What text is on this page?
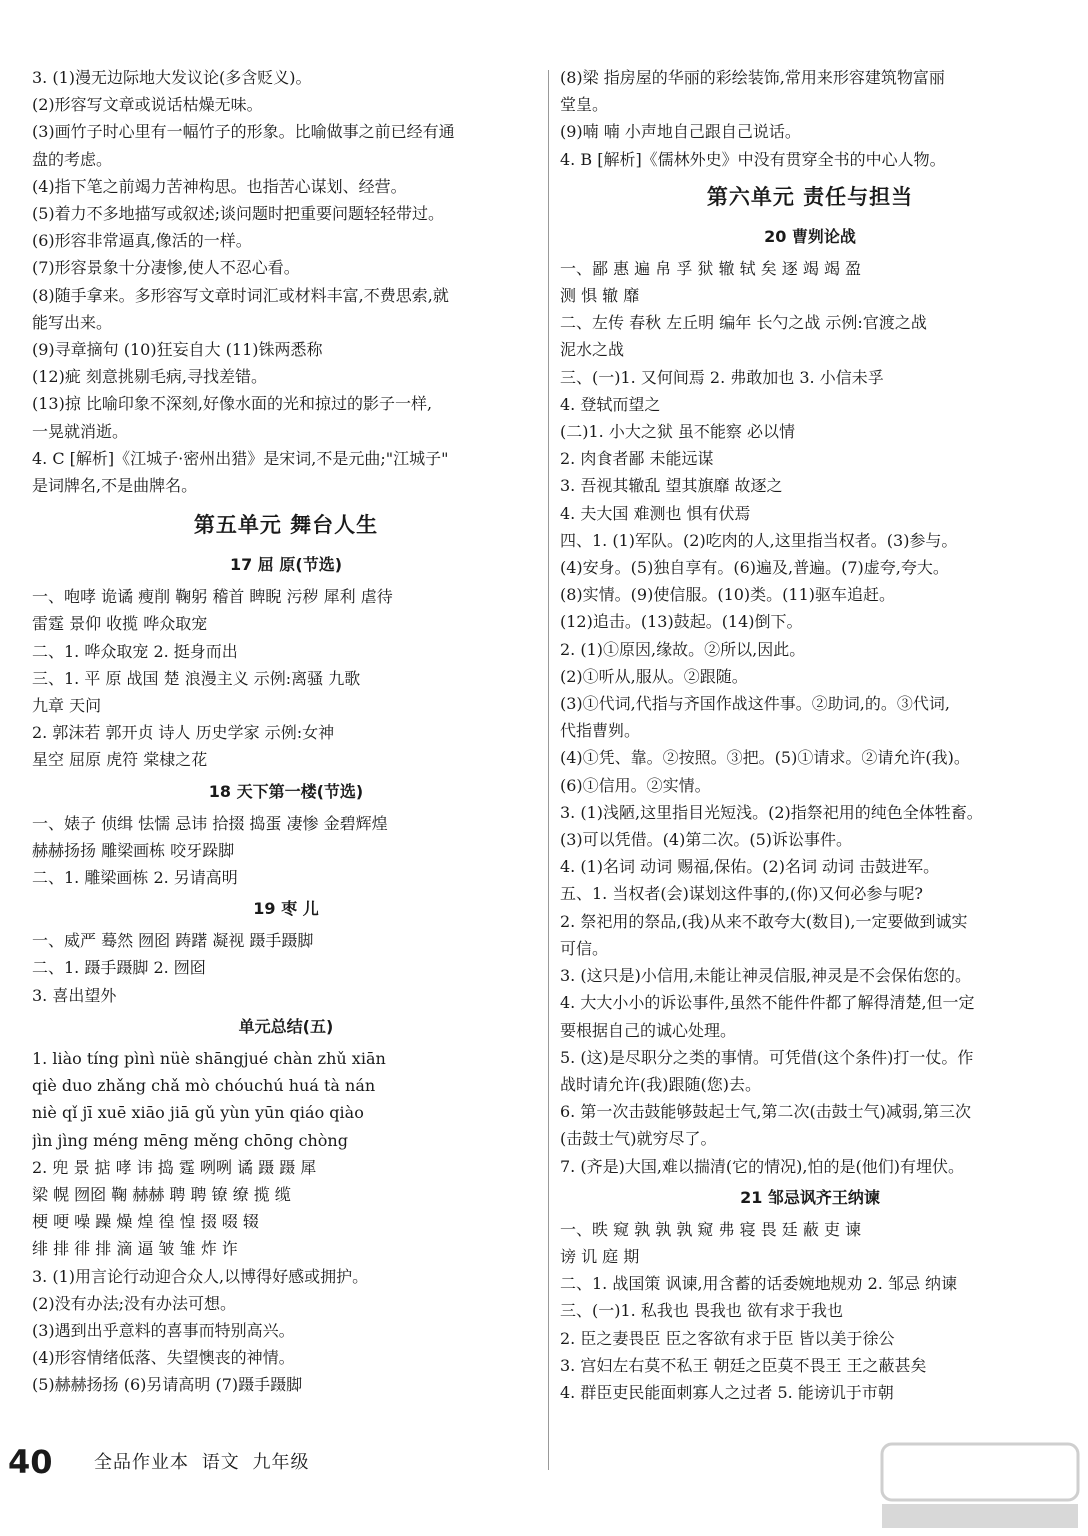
3. (1)漫无边际地大发议论(多含贬义)。
(2)形容写文章或说话枯燥无味。
(3)画竹子时心里有一幅竹子的形象。比喻做事之前已经有通
盘的考虑。
(4)指下笔之前竭力苦神构思。也指苦心谋划、经营。
(5)着力不多地描写或叙述;谈问题时把重要问题轻轻带过。
(6)形容非常逼真,像活的一样。
(7)形容景象十分凄惨,使人不忍心看。
(8)随手拿来。多形容写文章时词汇或材料丰富,不费思索,就
能写出来。
(9)寻章摘句 (10)狂妄自大 (11)铢两悉称
(12)疵 刻意挑剔毛病,寻找差错。
(13)掠 比喻印象不深刻,好像水面的光和掠过的影子一样,
一晃就消逝。
4. C [解析]《江城子·密州出猎》是宋词,不是元曲;"江城子"
是词牌名,不是曲牌名。
第五单元 舞台人生
17 屈 原(节选)
一、咆哮 诡谲 瘦削 鞠躬 稽首 睥睨 污秽 犀利 虐待
雷霆 景仰 收揽 哗众取宠
二、1. 哗众取宠 2. 挺身而出
三、1. 平 原 战国 楚 浪漫主义 示例:离骚 九歌
九章 天问
2. 郭沫若 郭开贞 诗人 历史学家 示例:女神
星空 屈原 虎符 棠棣之花
18 天下第一楼(节选)
一、婊子 侦缉 怯懦 忌讳 拾掇 捣蛋 凄惨 金碧辉煌
赫赫扬扬 雕梁画栋 咬牙跺脚
二、1. 雕梁画栋 2. 另请高明
19 枣 儿
一、威严 蓦然 囫囵 踌躇 凝视 蹑手蹑脚
二、1. 蹑手蹑脚 2. 囫囵
3. 喜出望外
单元总结(五)
1. liào tíng pìnì nüè shāngjué chàn zhǔ xiān
qiè duo zhǎng chǎ mò chóuchú huá tà nán
niè qǐ jī xuē xiāo jiā gǔ yùn yūn qiáo qiào
jìn jìng méng mēng měng chōng chòng
2. 兜 景 掂 哮 讳 捣 霆 咧咧 谲 蹑 蹑 犀
梁 幌 囫囵 鞠 赫赫 聘 聘 镣 缭 揽 缆
梗 哽 噪 躁 燥 煌 徨 惶 掇 啜 辍
绯 排 徘 排 滴 逼 皱 雏 炸 诈
3. (1)用言论行动迎合众人,以博得好感或拥护。
(2)没有办法;没有办法可想。
(3)遇到出乎意料的喜事而特别高兴。
(4)形容情绪低落、失望懊丧的神情。
(5)赫赫扬扬 (6)另请高明 (7)蹑手蹑脚
(8)梁 指房屋的华丽的彩绘装饰,常用来形容建筑物富丽
堂皇。
(9)喃 喃 小声地自己跟自己说话。
4. B [解析]《儒林外史》中没有贯穿全书的中心人物。
第六单元 责任与担当
20 曹刿论战
一、鄙 惠 遍 帛 孚 狱 辙 轼 矣 逐 竭 竭 盈
测 惧 辙 靡
二、左传 春秋 左丘明 编年 长勺之战 示例:官渡之战
泥水之战
三、(一)1. 又何间焉 2. 弗敢加也 3. 小信未孚
4. 登轼而望之
(二)1. 小大之狱 虽不能察 必以情
2. 肉食者鄙 未能远谋
3. 吾视其辙乱 望其旗靡 故逐之
4. 夫大国 难测也 惧有伏焉
四、1. (1)军队。(2)吃肉的人,这里指当权者。(3)参与。
(4)安身。(5)独自享有。(6)遍及,普遍。(7)虚夸,夸大。
(8)实情。(9)使信服。(10)类。(11)驱车追赶。
(12)追击。(13)鼓起。(14)倒下。
2. (1)①原因,缘故。②所以,因此。
(2)①听从,服从。②跟随。
(3)①代词,代指与齐国作战这件事。②助词,的。③代词,
代指曹刿。
(4)①凭、靠。②按照。③把。(5)①请求。②请允许(我)。
(6)①信用。②实情。
3. (1)浅陋,这里指目光短浅。(2)指祭祀用的纯色全体牲畜。
(3)可以凭借。(4)第二次。(5)诉讼事件。
4. (1)名词 动词 赐福,保佑。(2)名词 动词 击鼓进军。
五、1. 当权者(会)谋划这件事的,(你)又何必参与呢?
2. 祭祀用的祭品,(我)从来不敢夸大(数目),一定要做到诚实
可信。
3. (这只是)小信用,未能让神灵信服,神灵是不会保佑您的。
4. 大大小小的诉讼事件,虽然不能件件都了解得清楚,但一定
要根据自己的诚心处理。
5. (这)是尽职分之类的事情。可凭借(这个条件)打一仗。作
战时请允许(我)跟随(您)去。
6. 第一次击鼓能够鼓起士气,第二次(击鼓士气)减弱,第三次
(击鼓士气)就穷尽了。
7. (齐是)大国,难以揣清(它的情况),怕的是(他们)有埋伏。
21 邹忌讽齐王纳谏
一、昳 窥 孰 孰 孰 窥 弗 寝 畏 廷 蔽 吏 谏
谤 讥 庭 期
二、1. 战国策 讽谏,用含蓄的话委婉地规劝 2. 邹忌 纳谏
三、(一)1. 私我也 畏我也 欲有求于我也
2. 臣之妻畏臣 臣之客欲有求于臣 皆以美于徐公
3. 宫妇左右莫不私王 朝廷之臣莫不畏王 王之蔽甚矣
4. 群臣吏民能面刺寡人之过者 5. 能谤讥于市朝
40 全品作业本 语文 九年级
